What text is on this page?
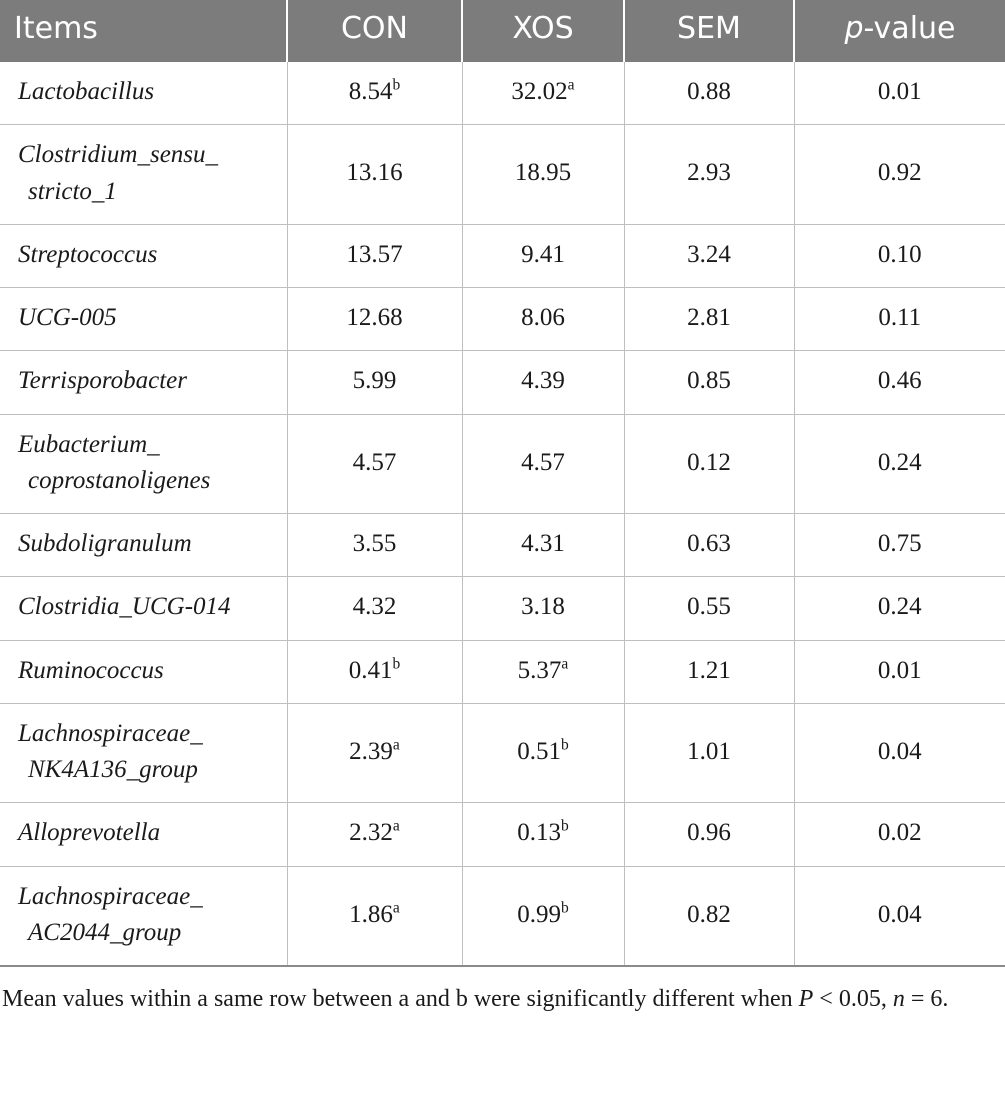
Items	CON	XOS	SEM	p-value

Lactobacillus	8.54$^b$	32.02$^a$	0.88	0.01

Clostridium_sensu_
stricto_1	13.16	18.95	2.93	0.92

Streptococcus	13.57	9.41	3.24	0.10

UCG-005	12.68	8.06	2.81	0.11

Terrisporobacter	5.99	4.39	0.85	0.46

Eubacterium_
coprostanoligenes	4.57	4.57	0.12	0.24

Subdoligranulum	3.55	4.31	0.63	0.75

Clostridia_UCG-014	4.32	3.18	0.55	0.24

Ruminococcus	0.41$^b$	5.37$^a$	1.21	0.01

Lachnospiraceae_
NK4A136_group	2.39$^a$	0.51$^b$	1.01	0.04

Alloprevotella	2.32$^a$	0.13$^b$	0.96	0.02

Lachnospiraceae_
AC2044_group	1.86$^a$	0.99$^b$	0.82	0.04
Mean values within a same row between a and b were significantly different when P < 0.05, n = 6.
